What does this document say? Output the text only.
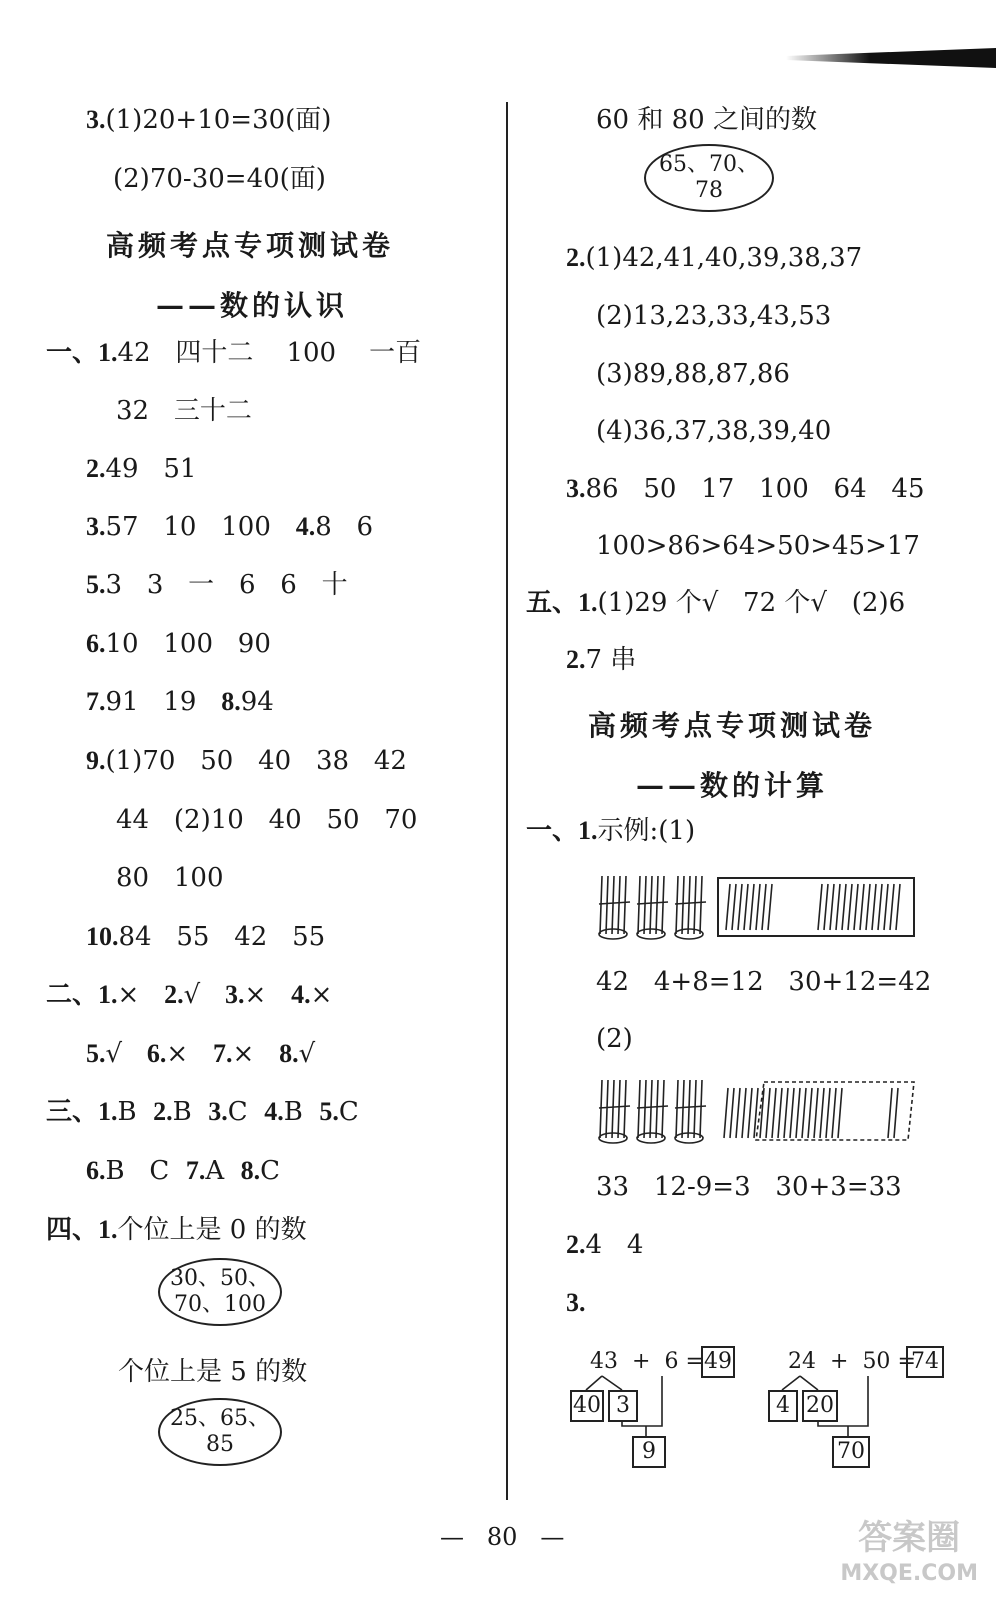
3.(1)20+10=30(面)
(2)70-30=40(面)
高频考点专项测试卷
——数的认识
一、1.42   四十二    100    一百
32   三十二
2.49   51
3.57   10   100 4.8   6
5.3   3   一   6   6   十
6.10   100   90
7.91   19 8.94
9.(1)70   50   40   38   42
44   (2)10   40   50   70
80   100
10.84   55   42   55
二、1.× 2.√ 3.× 4.×
5.√ 6.× 7.× 8.√
三、1.B 2.B 3.C 4.B 5.C
6.B   C 7.A 8.C
四、1.个位上是 0 的数
30、50、
70、100
个位上是 5 的数
25、65、
85
60 和 80 之间的数
65、70、
78
2.(1)42,41,40,39,38,37
(2)13,23,33,43,53
(3)89,88,87,86
(4)36,37,38,39,40
3.86   50   17   100   64   45
100>86>64>50>45>17
五、1.(1)29 个√   72 个√   (2)6
2.7 串
高频考点专项测试卷
——数的计算
一、1.示例:(1)
42   4+8=12   30+12=42
(2)
33   12-9=3   30+3=33
2.4   4
3.
43 + 6 = 49
40 3
9
24 + 50 =
74
4 20
70
—   80   —	答案圈
MXQE.COM
